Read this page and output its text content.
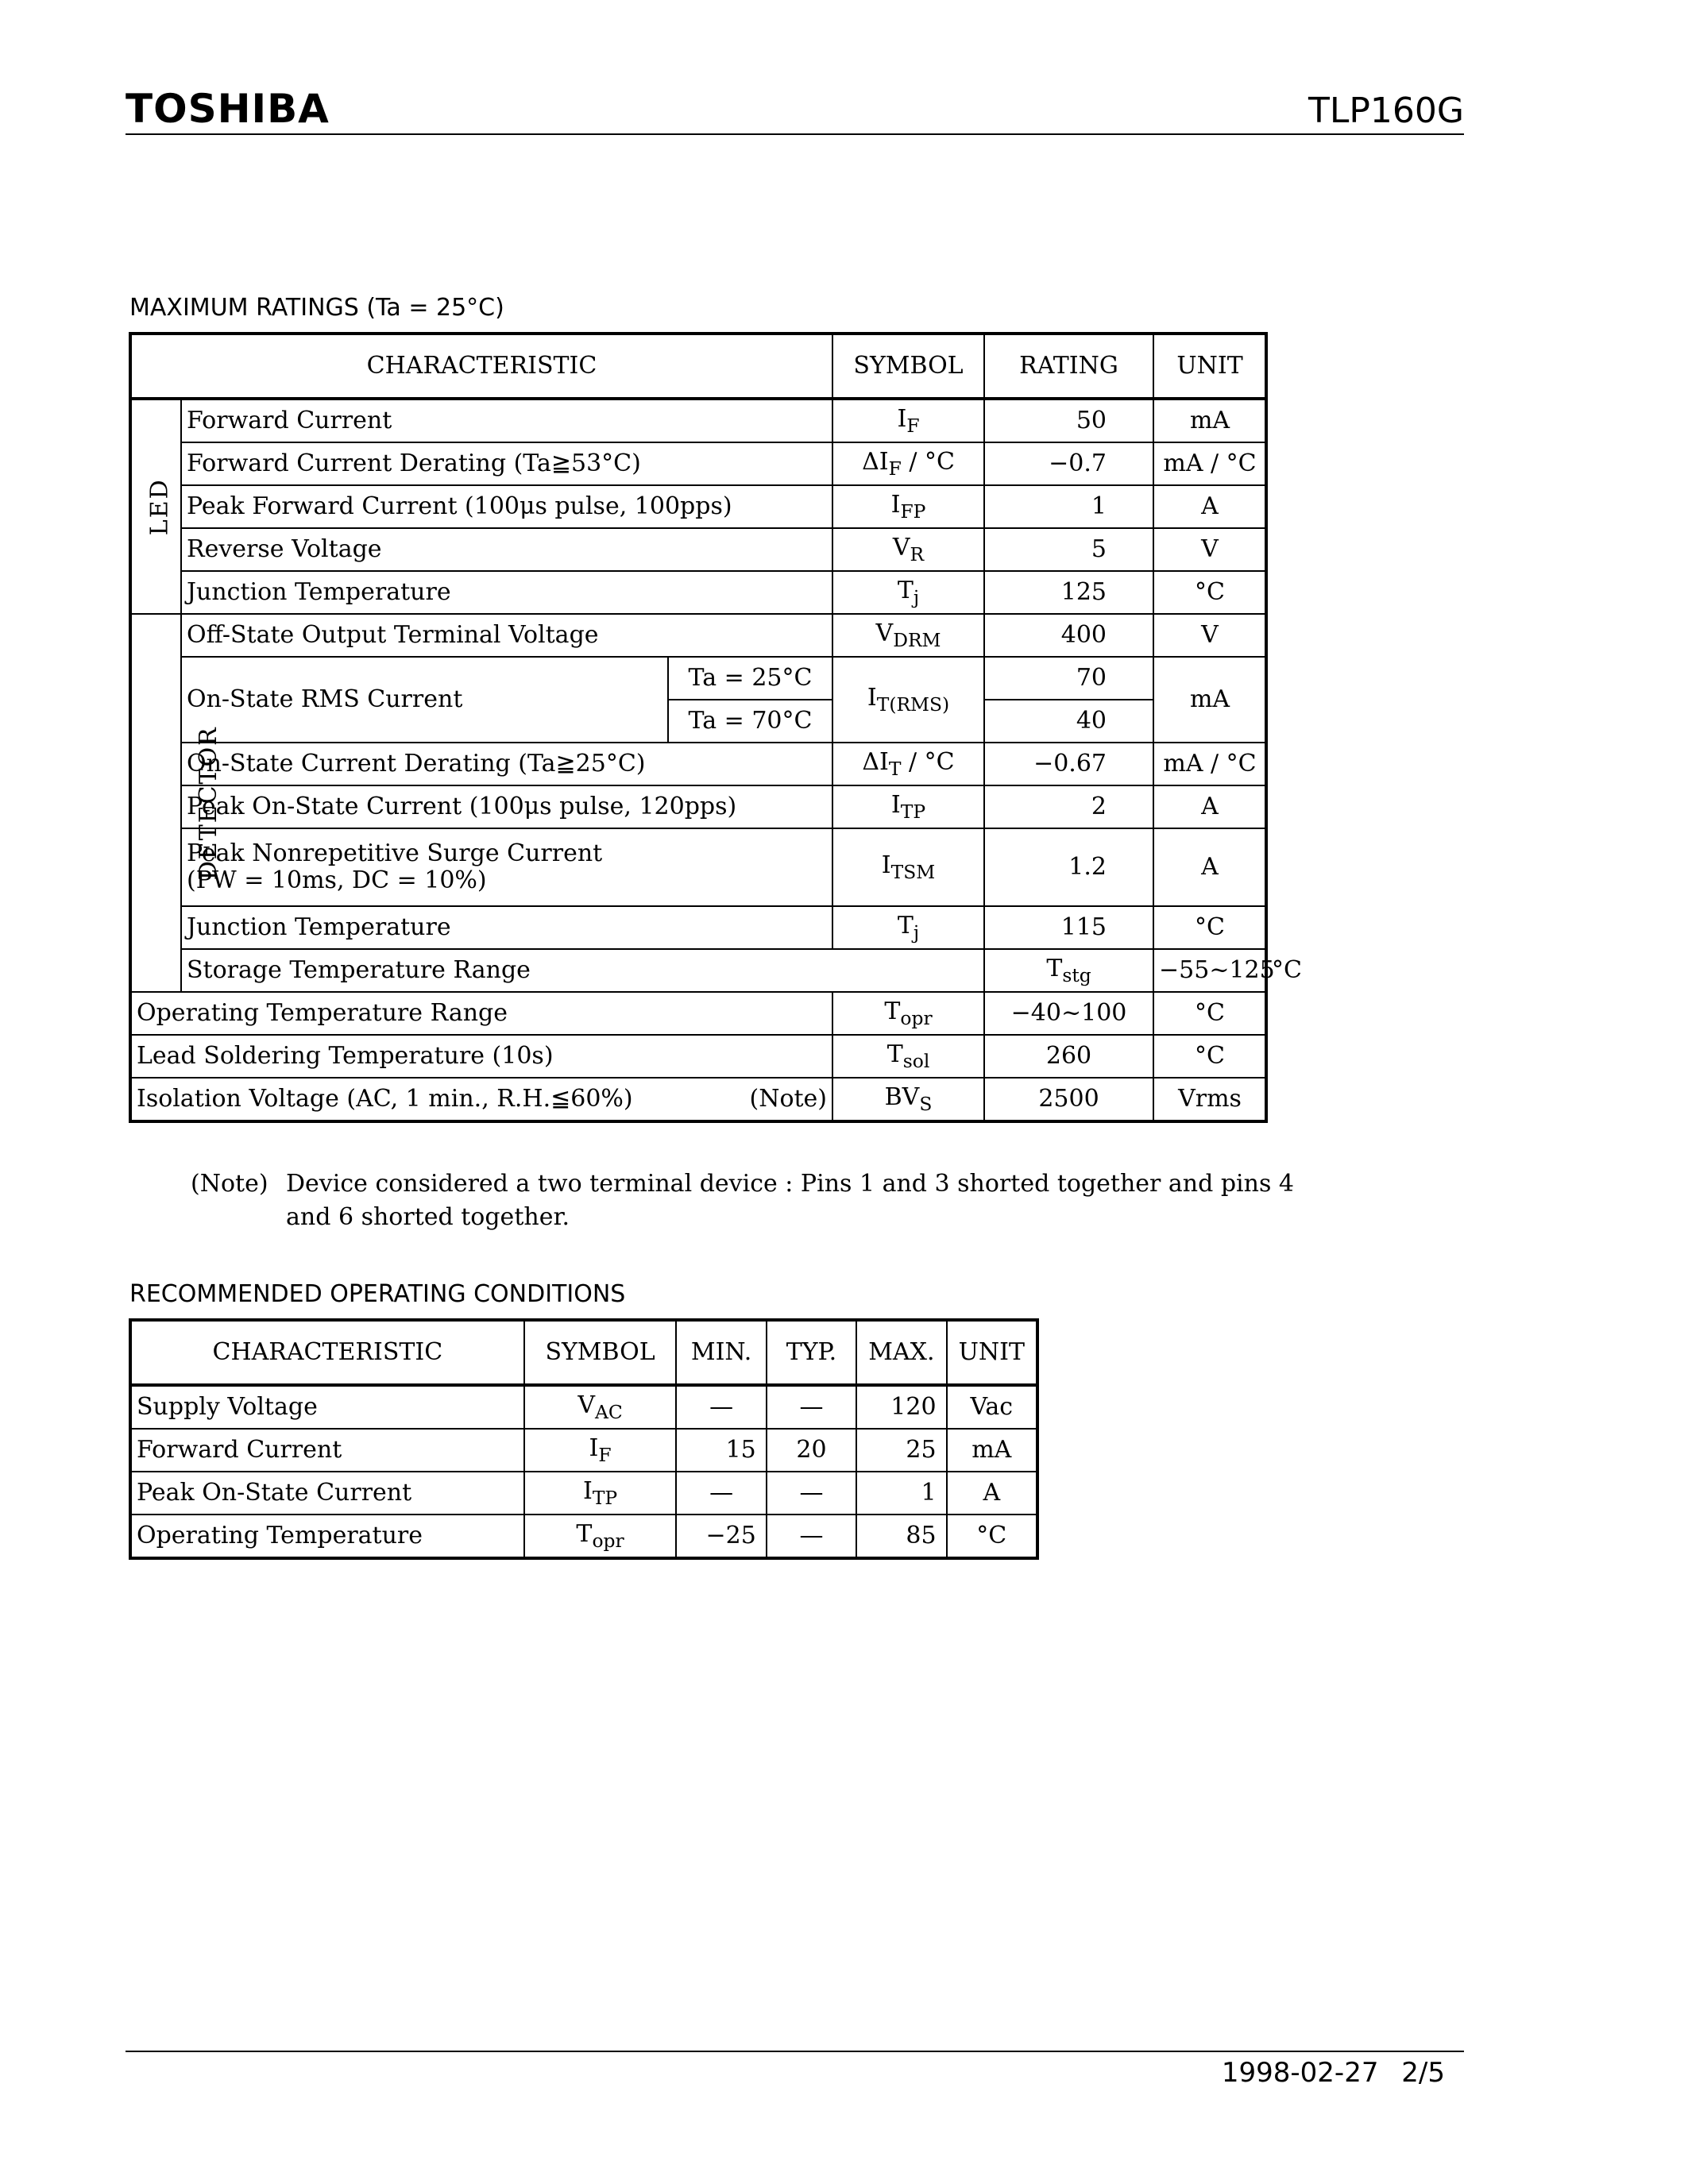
TOSHIBA	TLP160G
MAXIMUM RATINGS (Ta = 25°C)
CHARACTERISTIC			SYMBOL	RATING	UNIT	
LED	Forward Current		$I_F$	50	mA	
	Forward Current Derating (Ta≧53°C)		$\Delta I_F / ^\circ C$	−0.7	mA / °C	
	Peak Forward Current (100μs pulse, 100pps)		$I_{FP}$	1	A	
	Reverse Voltage		$V_R$	5	V	
	Junction Temperature		$T_j$	125	°C	
DETECTOR	Off-State Output Terminal Voltage		$V_{DRM}$	400	V	
	On-State RMS Current	Ta = 25°C	$I_{T(RMS)}$	70	mA	
		Ta = 70°C		40		
	On-State Current Derating (Ta≧25°C)		$\Delta I_T / ^\circ C$	−0.67	mA / °C	
	Peak On-State Current (100μs pulse, 120pps)		$I_{TP}$	2	A	

	Peak Nonrepetitive Surge Current
(PW = 10ms, DC = 10%)		$I_{TSM}$	1.2	A	
	Junction Temperature		$T_j$	115	°C	
	Storage Temperature Range			$T_{stg}$	−55~125	°C
Operating Temperature Range			$T_{opr}$	−40~100	°C	
Lead Soldering Temperature (10s)			$T_{sol}$	260	°C	

Isolation Voltage (AC, 1 min., R.H.≦60%) (Note)			$BV_S$	2500	Vrms	
(Note) Device considered a two terminal device : Pins 1 and 3 shorted together and pins 4
and 6 shorted together.
RECOMMENDED OPERATING CONDITIONS
CHARACTERISTIC	SYMBOL	MIN.	TYP.	MAX.	UNIT
Supply Voltage	$V_{AC}$	—	—	120	Vac
Forward Current	$I_F$	15	20	25	mA
Peak On-State Current	$I_{TP}$	—	—	1	A
Operating Temperature	$T_{opr}$	−25	—	85	°C
1998-02-27 2/5
